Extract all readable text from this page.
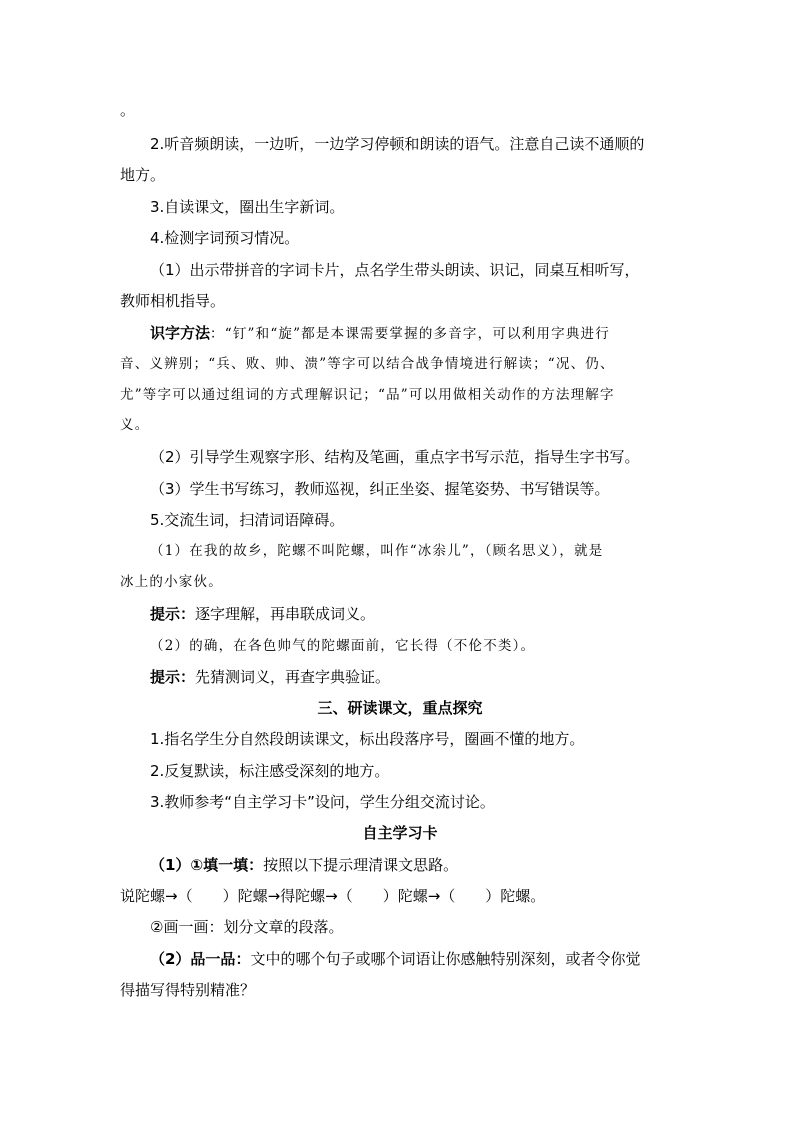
。
2.听音频朗读，一边听，一边学习停顿和朗读的语气。注意自己读不通顺的
地方。
3.自读课文，圈出生字新词。
4.检测字词预习情况。
（1）出示带拼音的字词卡片，点名学生带头朗读、识记，同桌互相听写，
教师相机指导。
识字方法：“钉”和“旋”都是本课需要掌握的多音字，可以利用字典进行
音、义辨别；“兵、败、帅、溃”等字可以结合战争情境进行解读；“况、仍、
尤”等字可以通过组词的方式理解识记；“品”可以用做相关动作的方法理解字
义。
（2）引导学生观察字形、结构及笔画，重点字书写示范，指导生字书写。
（3）学生书写练习，教师巡视，纠正坐姿、握笔姿势、书写错误等。
5.交流生词，扫清词语障碍。
（1）在我的故乡，陀螺不叫陀螺，叫作“冰尜儿”，（顾名思义），就是
冰上的小家伙。
提示：逐字理解，再串联成词义。
（2）的确，在各色帅气的陀螺面前，它长得（不伦不类）。
提示：先猜测词义，再查字典验证。
三、研读课文，重点探究
1.指名学生分自然段朗读课文，标出段落序号，圈画不懂的地方。
2.反复默读，标注感受深刻的地方。
3.教师参考“自主学习卡”设问，学生分组交流讨论。
自主学习卡
（1）①填一填：按照以下提示理清课文思路。
说陀螺→（　　）陀螺→得陀螺→（　　）陀螺→（　　）陀螺。
②画一画：划分文章的段落。
（2）品一品：文中的哪个句子或哪个词语让你感触特别深刻，或者令你觉
得描写得特别精准？
